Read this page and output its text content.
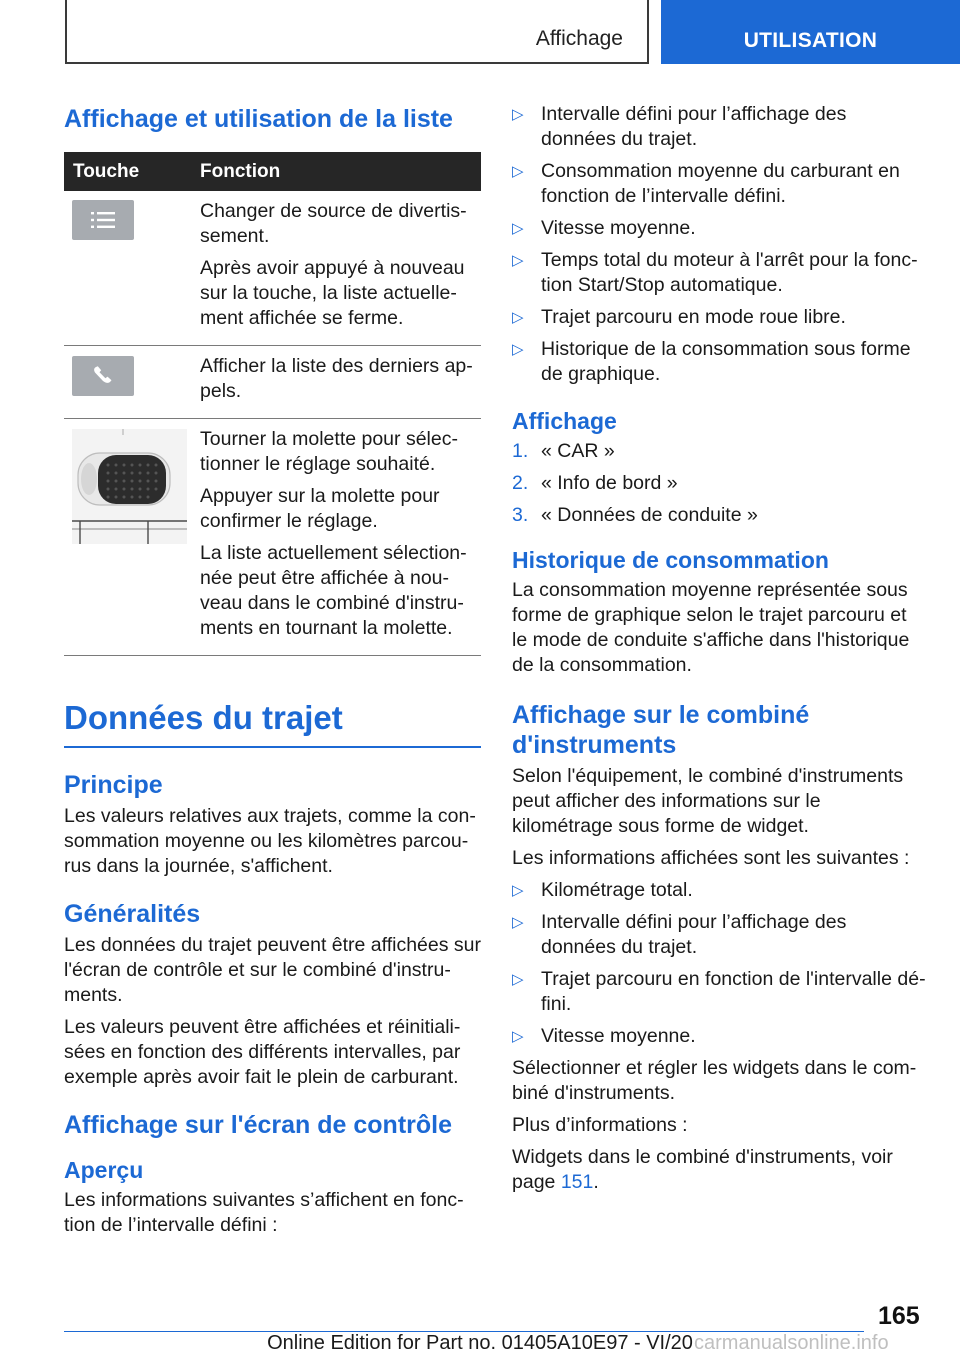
Affichage	UTILISATION
Affichage et utilisation de la liste
Touche	Fonction

Changer de source de divertissement.

Après avoir appuyé à nouveau sur la touche, la liste actuellement affichée se ferme.

Afficher la liste des derniers appels.

Tourner la molette pour sélectionner le réglage souhaité.

Appuyer sur la molette pour confirmer le réglage.

La liste actuellement sélectionnée peut être affichée à nouveau dans le combiné d'instruments en tournant la molette.

Données du trajet
Principe

Les valeurs relatives aux trajets, comme la consommation moyenne ou les kilomètres parcourus dans la journée, s'affichent.

Généralités

Les données du trajet peuvent être affichées sur l'écran de contrôle et sur le combiné d'instruments.

Les valeurs peuvent être affichées et réinitialisées en fonction des différents intervalles, par exemple après avoir fait le plein de carburant.

Affichage sur l'écran de contrôle
Aperçu

Les informations suivantes s’affichent en fonction de l’intervalle défini :

▷ Intervalle défini pour l’affichage des données du trajet.
▷ Consommation moyenne du carburant en fonction de l’intervalle défini.
▷ Vitesse moyenne.
▷ Temps total du moteur à l'arrêt pour la fonction Start/Stop automatique.
▷ Trajet parcouru en mode roue libre.
▷ Historique de la consommation sous forme de graphique.
Affichage
1. « CAR »
2. « Info de bord »
3. « Données de conduite »
Historique de consommation

La consommation moyenne représentée sous forme de graphique selon le trajet parcouru et le mode de conduite s'affiche dans l'historique de la consommation.

Affichage sur le combiné d'instruments

Selon l'équipement, le combiné d'instruments peut afficher des informations sur le kilométrage sous forme de widget.

Les informations affichées sont les suivantes :

▷ Kilométrage total.
▷ Intervalle défini pour l’affichage des données du trajet.
▷ Trajet parcouru en fonction de l'intervalle défini.
▷ Vitesse moyenne.

Sélectionner et régler les widgets dans le combiné d'instruments.

Plus d’informations :

Widgets dans le combiné d'instruments, voir page 151.

165
Online Edition for Part no. 01405A10E97 - VI/20 carmanualsonline.info
